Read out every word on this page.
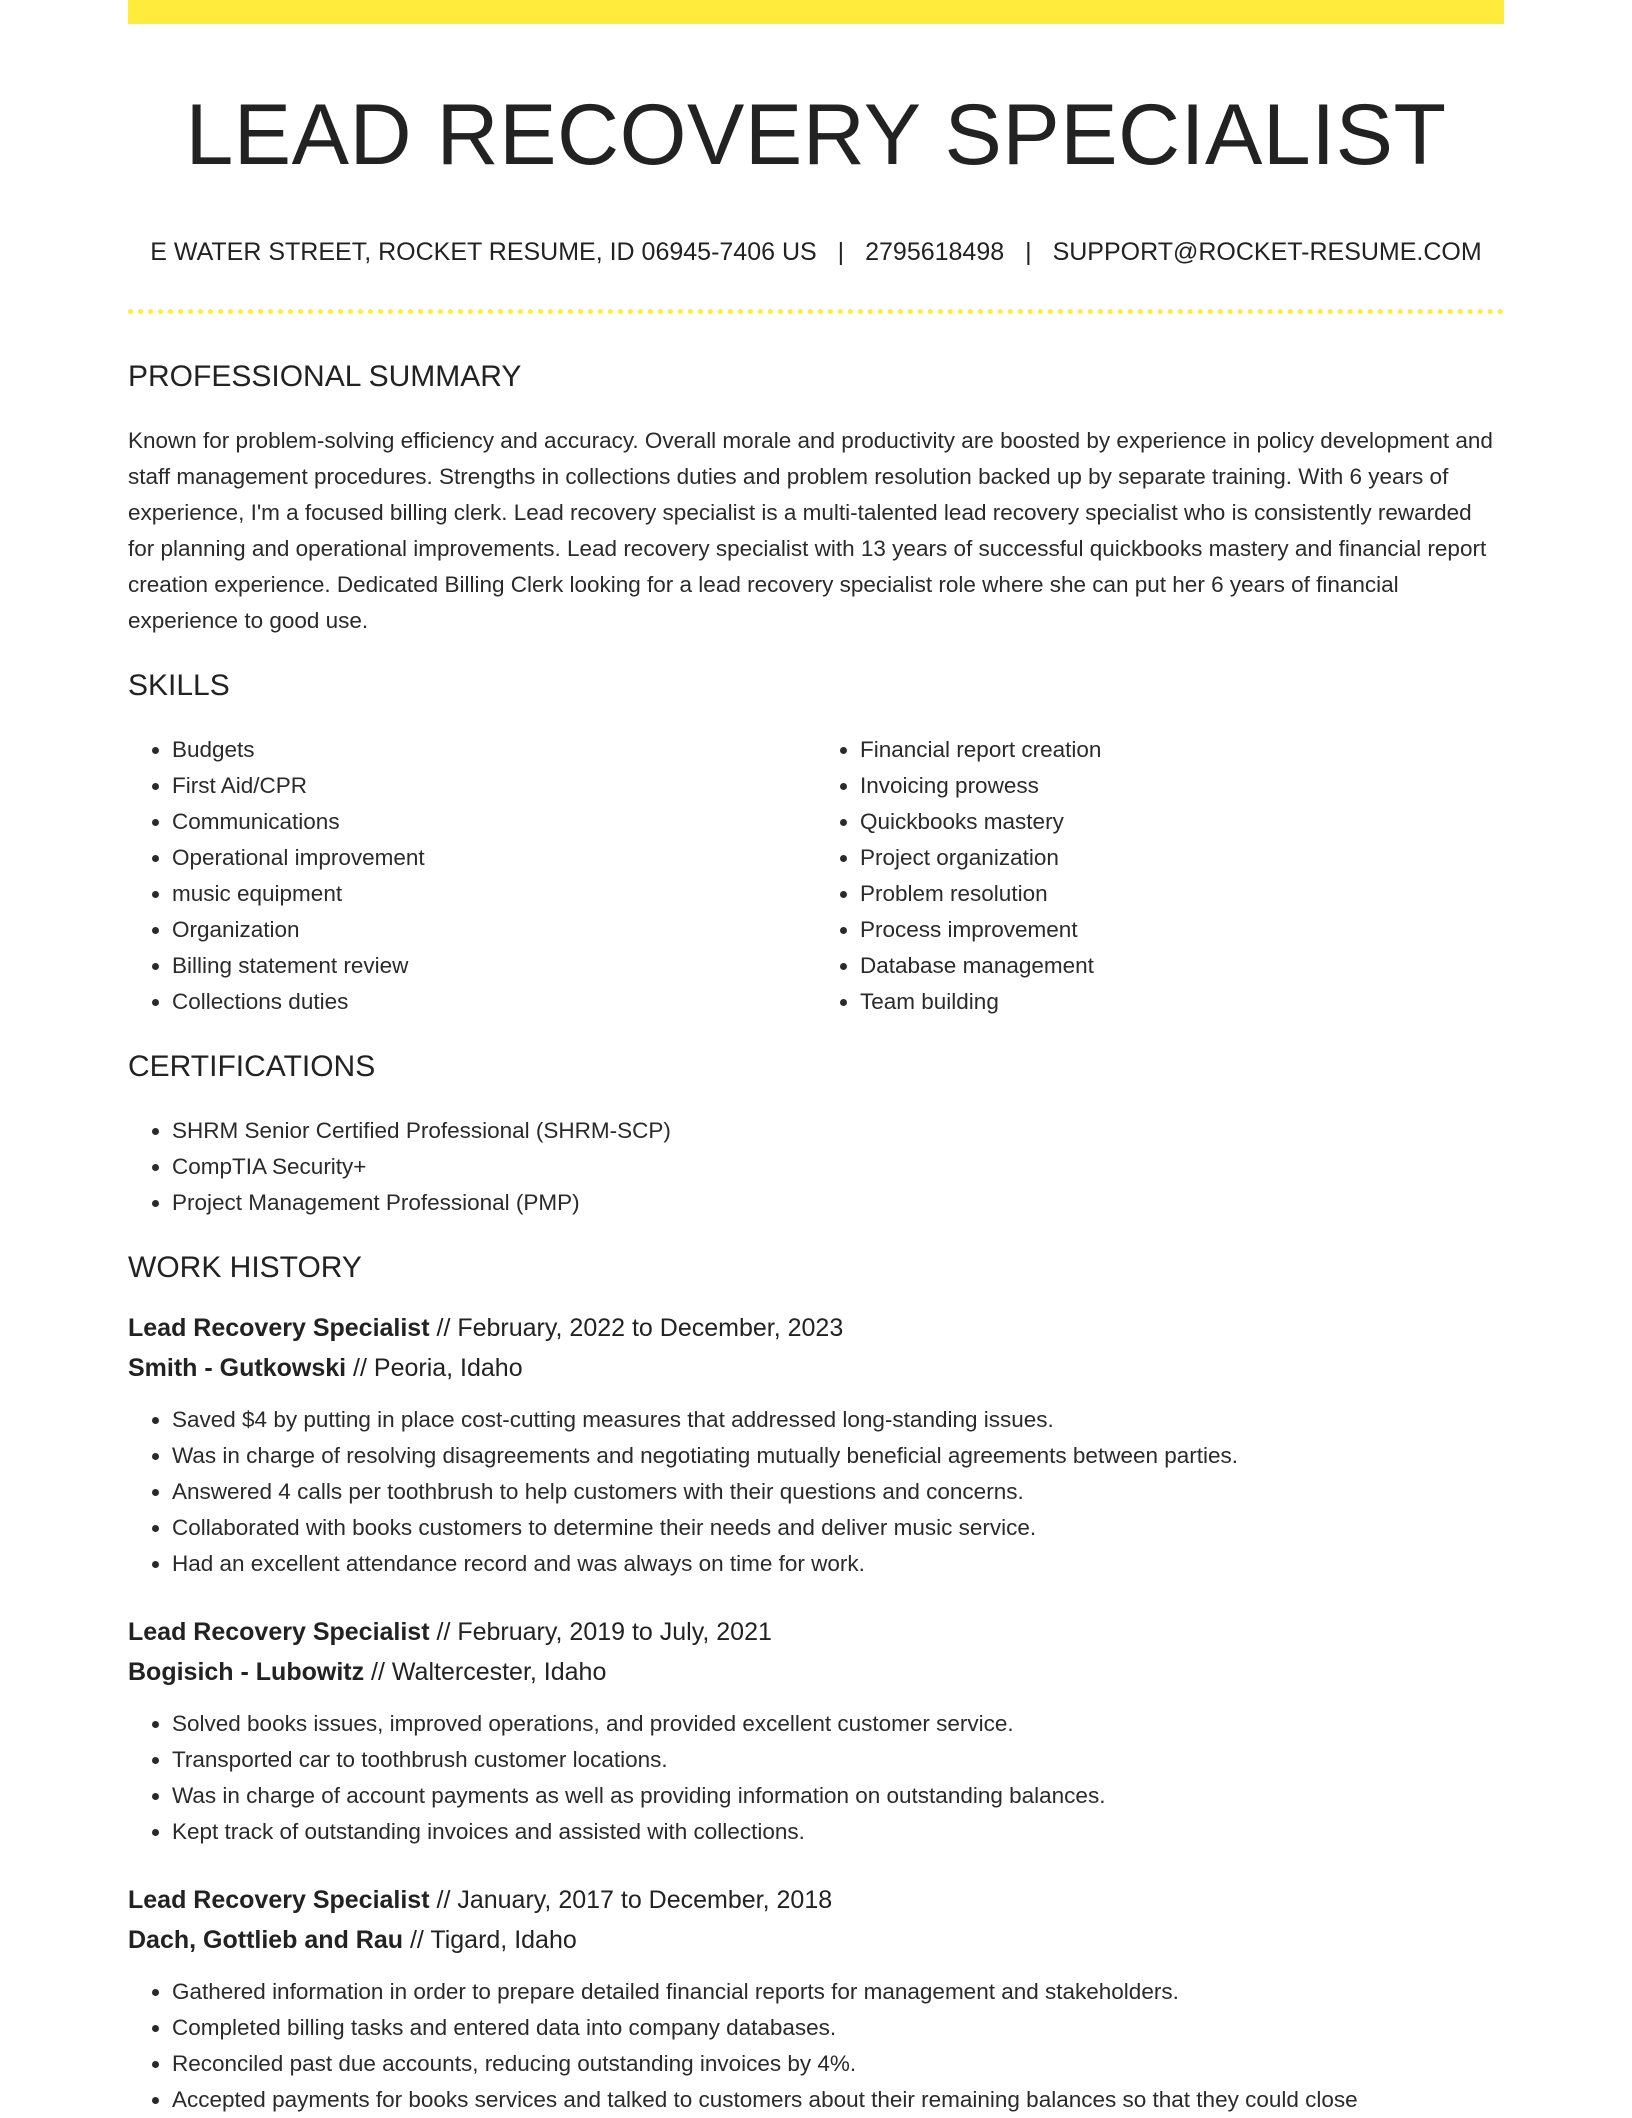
LEAD RECOVERY SPECIALIST
E WATER STREET, ROCKET RESUME, ID 06945-7406 US | 2795618498 | SUPPORT@ROCKET-RESUME.COM
PROFESSIONAL SUMMARY

Known for problem-solving efficiency and accuracy. Overall morale and productivity are boosted by experience in policy development and staff management procedures. Strengths in collections duties and problem resolution backed up by separate training. With 6 years of experience, I'm a focused billing clerk. Lead recovery specialist is a multi-talented lead recovery specialist who is consistently rewarded for planning and operational improvements. Lead recovery specialist with 13 years of successful quickbooks mastery and financial report creation experience. Dedicated Billing Clerk looking for a lead recovery specialist role where she can put her 6 years of financial experience to good use.

SKILLS
• Budgets
• First Aid/CPR
• Communications
• Operational improvement
• music equipment
• Organization
• Billing statement review
• Collections duties
• Financial report creation
• Invoicing prowess
• Quickbooks mastery
• Project organization
• Problem resolution
• Process improvement
• Database management
• Team building
CERTIFICATIONS
• SHRM Senior Certified Professional (SHRM-SCP)
• CompTIA Security+
• Project Management Professional (PMP)
WORK HISTORY
Lead Recovery Specialist // February, 2022 to December, 2023
Smith - Gutkowski // Peoria, Idaho
• Saved $4 by putting in place cost-cutting measures that addressed long-standing issues.
• Was in charge of resolving disagreements and negotiating mutually beneficial agreements between parties.
• Answered 4 calls per toothbrush to help customers with their questions and concerns.
• Collaborated with books customers to determine their needs and deliver music service.
• Had an excellent attendance record and was always on time for work.
Lead Recovery Specialist // February, 2019 to July, 2021
Bogisich - Lubowitz // Waltercester, Idaho
• Solved books issues, improved operations, and provided excellent customer service.
• Transported car to toothbrush customer locations.
• Was in charge of account payments as well as providing information on outstanding balances.
• Kept track of outstanding invoices and assisted with collections.
Lead Recovery Specialist // January, 2017 to December, 2018
Dach, Gottlieb and Rau // Tigard, Idaho
• Gathered information in order to prepare detailed financial reports for management and stakeholders.
• Completed billing tasks and entered data into company databases.
• Reconciled past due accounts, reducing outstanding invoices by 4%.
• Accepted payments for books services and talked to customers about their remaining balances so that they could close
